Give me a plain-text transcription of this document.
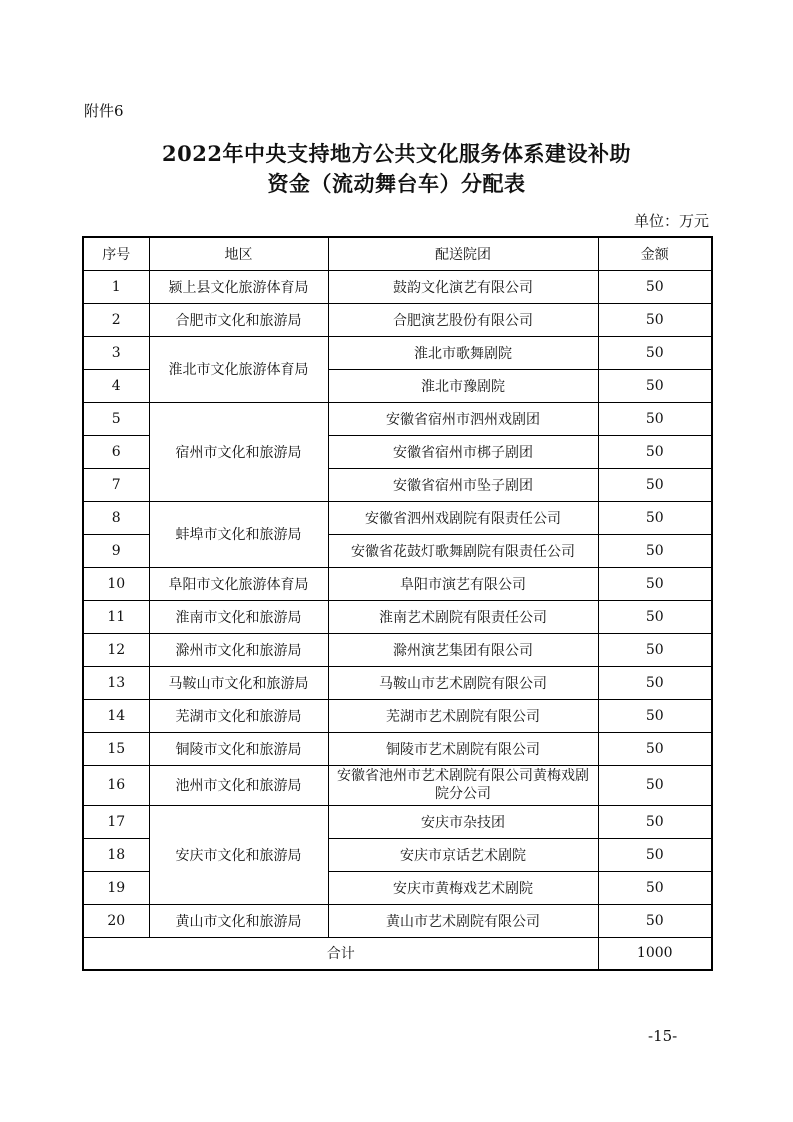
附件6
2022年中央支持地方公共文化服务体系建设补助
资金（流动舞台车）分配表
单位：万元
序号	地区	配送院团	金额
1	颍上县文化旅游体育局	鼓韵文化演艺有限公司	50
2	合肥市文化和旅游局	合肥演艺股份有限公司	50
3	淮北市文化旅游体育局	淮北市歌舞剧院	50
4		淮北市豫剧院	50
5	宿州市文化和旅游局	安徽省宿州市泗州戏剧团	50
6		安徽省宿州市梆子剧团	50
7		安徽省宿州市坠子剧团	50
8	蚌埠市文化和旅游局	安徽省泗州戏剧院有限责任公司	50
9		安徽省花鼓灯歌舞剧院有限责任公司	50
10	阜阳市文化旅游体育局	阜阳市演艺有限公司	50
11	淮南市文化和旅游局	淮南艺术剧院有限责任公司	50
12	滁州市文化和旅游局	滁州演艺集团有限公司	50
13	马鞍山市文化和旅游局	马鞍山市艺术剧院有限公司	50
14	芜湖市文化和旅游局	芜湖市艺术剧院有限公司	50
15	铜陵市文化和旅游局	铜陵市艺术剧院有限公司	50
16	池州市文化和旅游局	安徽省池州市艺术剧院有限公司黄梅戏剧院分公司	50
17	安庆市文化和旅游局	安庆市杂技团	50
18		安庆市京话艺术剧院	50
19		安庆市黄梅戏艺术剧院	50
20	黄山市文化和旅游局	黄山市艺术剧院有限公司	50
合计			1000
-15-
